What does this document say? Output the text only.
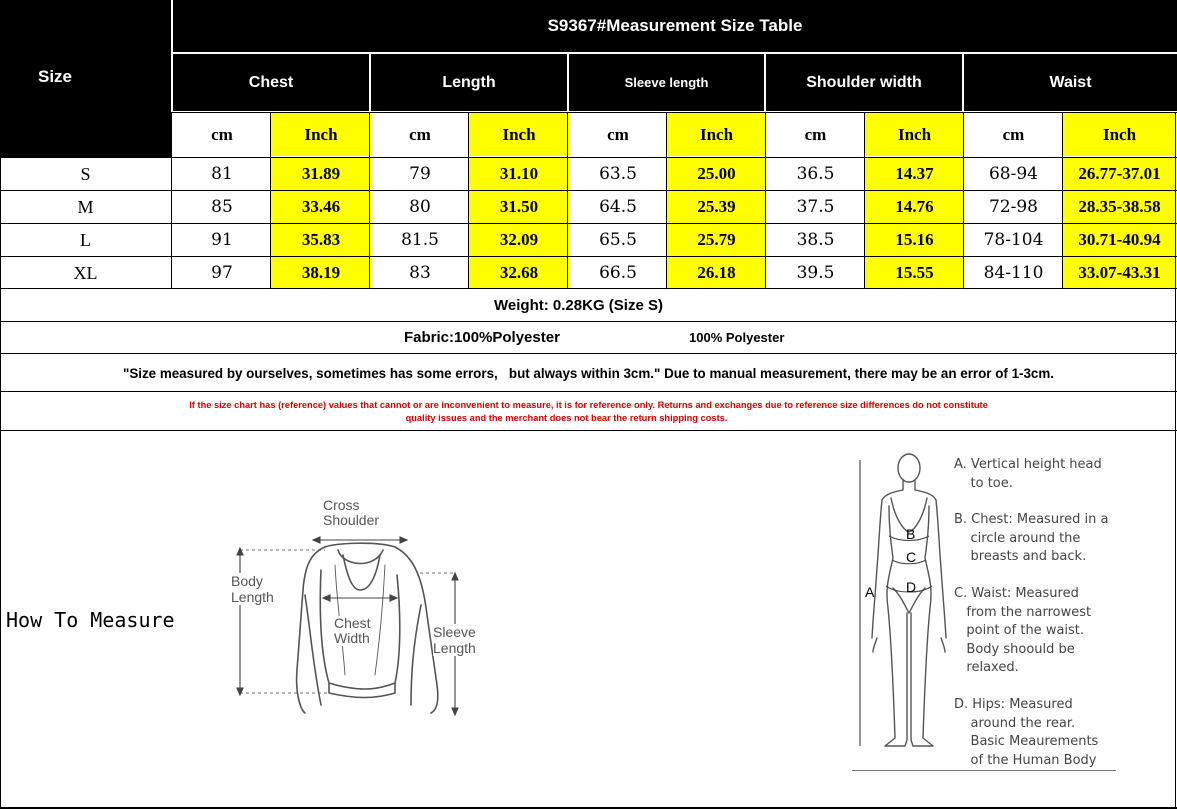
Size
S9367#Measurement Size Table
Chest	Length	Sleeve length	Shoulder width	Waist
cm	Inch	cm	Inch	cm	Inch	cm	Inch	cm	Inch
S	81	31.89	79	31.10	63.5	25.00	36.5	14.37	68-94	26.77-37.01
M	85	33.46	80	31.50	64.5	25.39	37.5	14.76	72-98	28.35-38.58
L	91	35.83	81.5	32.09	65.5	25.79	38.5	15.16	78-104	30.71-40.94
XL	97	38.19	83	32.68	66.5	26.18	39.5	15.55	84-110	33.07-43.31
Weight: 0.28KG (Size S)
Fabric:100%Polyester	100% Polyester
"Size measured by ourselves, sometimes has some errors,   but always within 3cm." Due to manual measurement, there may be an error of 1-3cm.
If the size chart has (reference) values that cannot or are inconvenient to measure, it is for reference only. Returns and exchanges due to reference size differences do not constitute
quality issues and the merchant does not bear the return shipping costs.
How To Measure
Cross
Shoulder
Body
Length
Chest
Width	Sleeve
Length
A
B
C
D
A. Vertical height head
to toe.
B. Chest: Measured in a
circle around the
breasts and back.
C. Waist: Measured
from the narrowest
point of the waist.
Body shoould be
relaxed.
D. Hips: Measured
around the rear.
Basic Meaurements
of the Human Body
